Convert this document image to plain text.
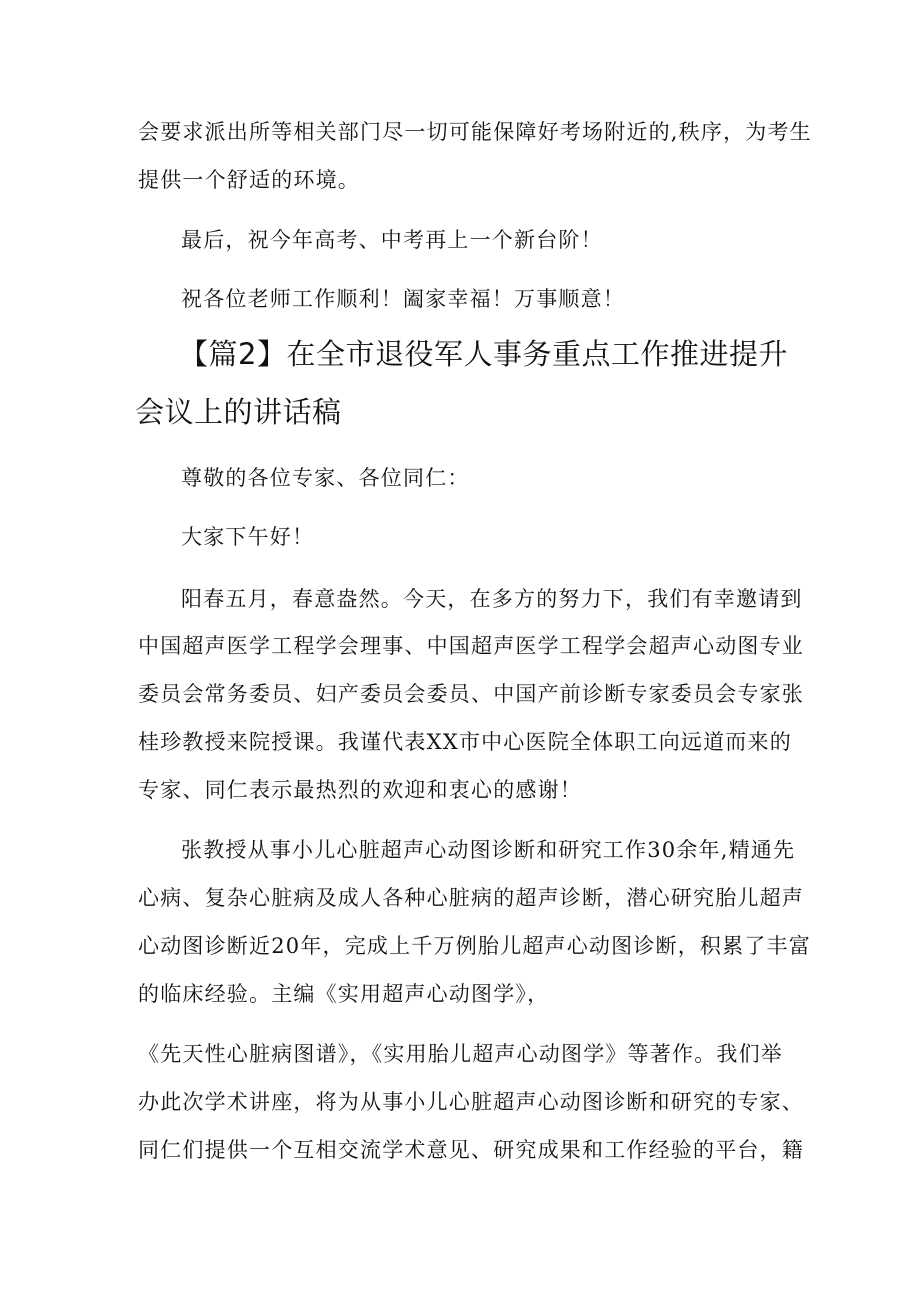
会要求派出所等相关部门尽一切可能保障好考场附近的,秩序，为考生
提供一个舒适的环境。
最后，祝今年高考、中考再上一个新台阶！
祝各位老师工作顺利！阖家幸福！万事顺意！
【篇2】在全市退役军人事务重点工作推进提升
会议上的讲话稿
尊敬的各位专家、各位同仁：
大家下午好！
阳春五月，春意盎然。今天，在多方的努力下，我们有幸邀请到
中国超声医学工程学会理事、中国超声医学工程学会超声心动图专业
委员会常务委员、妇产委员会委员、中国产前诊断专家委员会专家张
桂珍教授来院授课。我谨代表XX市中心医院全体职工向远道而来的
专家、同仁表示最热烈的欢迎和衷心的感谢！
张教授从事小儿心脏超声心动图诊断和研究工作30余年,精通先
心病、复杂心脏病及成人各种心脏病的超声诊断，潜心研究胎儿超声
心动图诊断近20年，完成上千万例胎儿超声心动图诊断，积累了丰富
的临床经验。主编《实用超声心动图学》，
《先天性心脏病图谱》，《实用胎儿超声心动图学》等著作。我们举
办此次学术讲座，将为从事小儿心脏超声心动图诊断和研究的专家、
同仁们提供一个互相交流学术意见、研究成果和工作经验的平台，籍
